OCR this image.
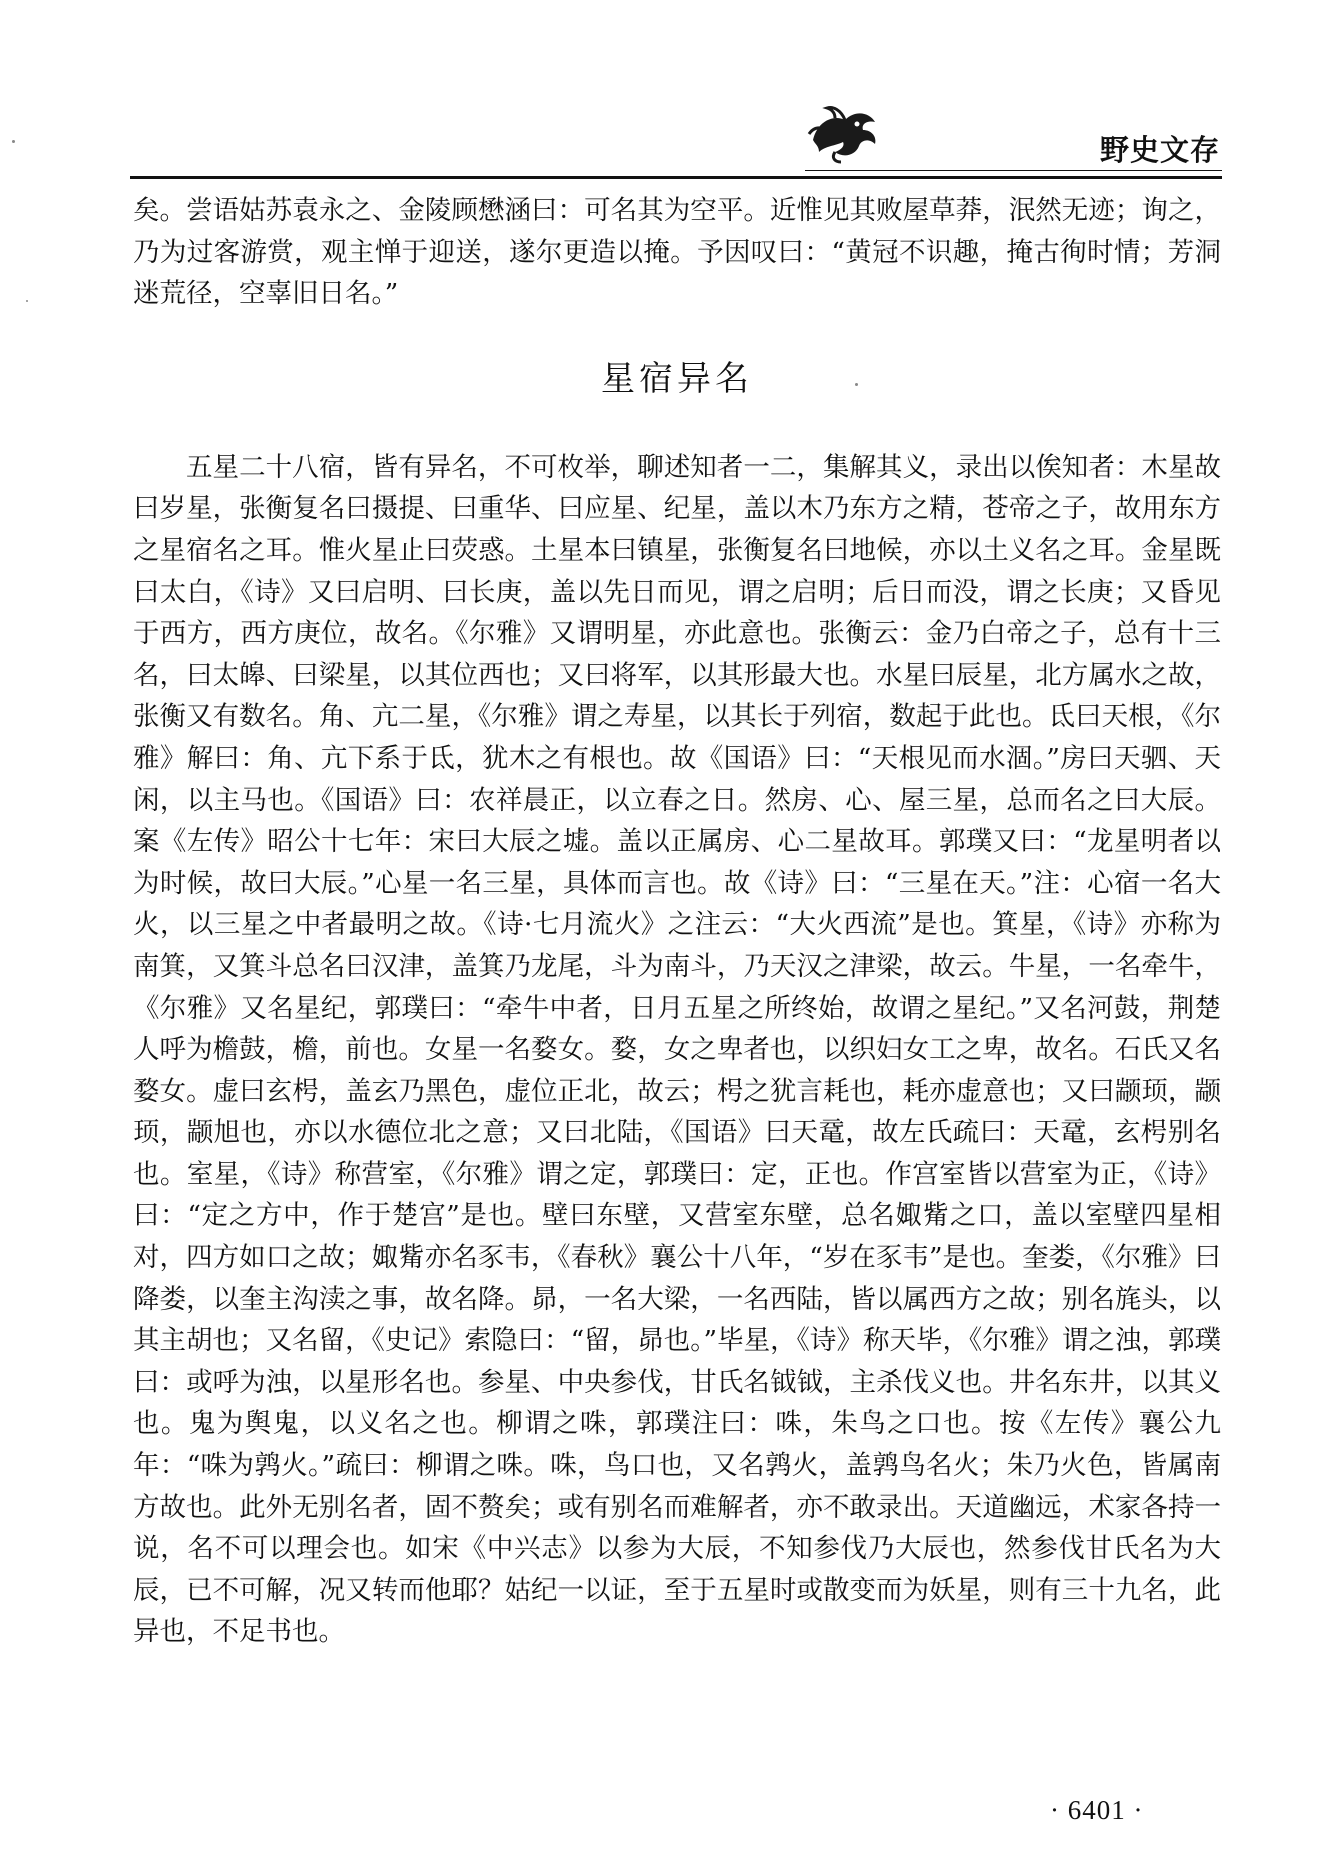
野史文存

矣。尝语姑苏袁永之、金陵顾懋涵曰：可名其为空平。近惟见其败屋草莽，泯然无迹；询之，乃为过客游赏，观主惮于迎送，遂尔更造以掩。予因叹曰：“黄冠不识趣，掩古徇时情；芳洞迷荒径，空辜旧日名。”

星宿异名

五星二十八宿，皆有异名，不可枚举，聊述知者一二，集解其义，录出以俟知者：木星故曰岁星，张衡复名曰摄提、曰重华、曰应星、纪星，盖以木乃东方之精，苍帝之子，故用东方之星宿名之耳。惟火星止曰荧惑。土星本曰镇星，张衡复名曰地候，亦以土义名之耳。金星既曰太白，《诗》又曰启明、曰长庚，盖以先日而见，谓之启明；后日而没，谓之长庚；又昏见于西方，西方庚位，故名。《尔雅》又谓明星，亦此意也。张衡云：金乃白帝之子，总有十三名，曰太皞、曰梁星，以其位西也；又曰将军，以其形最大也。水星曰辰星，北方属水之故，张衡又有数名。角、亢二星，《尔雅》谓之寿星，以其长于列宿，数起于此也。氐曰天根，《尔雅》解曰：角、亢下系于氐，犹木之有根也。故《国语》曰：“天根见而水涸。”房曰天驷、天闲，以主马也。《国语》曰：农祥晨正，以立春之日。然房、心、屋三星，总而名之曰大辰。案《左传》昭公十七年：宋曰大辰之墟。盖以正属房、心二星故耳。郭璞又曰：“龙星明者以为时候，故曰大辰。”心星一名三星，具体而言也。故《诗》曰：“三星在天。”注：心宿一名大火，以三星之中者最明之故。《诗·七月流火》之注云：“大火西流”是也。箕星，《诗》亦称为南箕，又箕斗总名曰汉津，盖箕乃龙尾，斗为南斗，乃天汉之津梁，故云。牛星，一名牵牛，《尔雅》又名星纪，郭璞曰：“牵牛中者，日月五星之所终始，故谓之星纪。”又名河鼓，荆楚人呼为檐鼓，檐，前也。女星一名婺女。婺，女之卑者也，以织妇女工之卑，故名。石氏又名婺女。虚曰玄枵，盖玄乃黑色，虚位正北，故云；枵之犹言耗也，耗亦虚意也；又曰颛顼，颛顼，颛旭也，亦以水德位北之意；又曰北陆，《国语》曰天鼋，故左氏疏曰：天鼋，玄枵别名也。室星，《诗》称营室，《尔雅》谓之定，郭璞曰：定，正也。作宫室皆以营室为正，《诗》曰：“定之方中，作于楚宫”是也。壁曰东壁，又营室东壁，总名娵觜之口，盖以室壁四星相对，四方如口之故；娵觜亦名豕韦，《春秋》襄公十八年，“岁在豕韦”是也。奎娄，《尔雅》曰降娄，以奎主沟渎之事，故名降。昴，一名大梁，一名西陆，皆以属西方之故；别名旄头，以其主胡也；又名留，《史记》索隐曰：“留，昴也。”毕星，《诗》称天毕，《尔雅》谓之浊，郭璞曰：或呼为浊，以星形名也。参星、中央参伐，甘氏名钺钺，主杀伐义也。井名东井，以其义也。鬼为舆鬼，以义名之也。柳谓之咮，郭璞注曰：咮，朱鸟之口也。按《左传》襄公九年：“咮为鹑火。”疏曰：柳谓之咮。咮，鸟口也，又名鹑火，盖鹑鸟名火；朱乃火色，皆属南方故也。此外无别名者，固不赘矣；或有别名而难解者，亦不敢录出。天道幽远，术家各持一说，名不可以理会也。如宋《中兴志》以参为大辰，不知参伐乃大辰也，然参伐甘氏名为大辰，已不可解，况又转而他耶？姑纪一以证，至于五星时或散变而为妖星，则有三十九名，此异也，不足书也。

· 6401 ·
